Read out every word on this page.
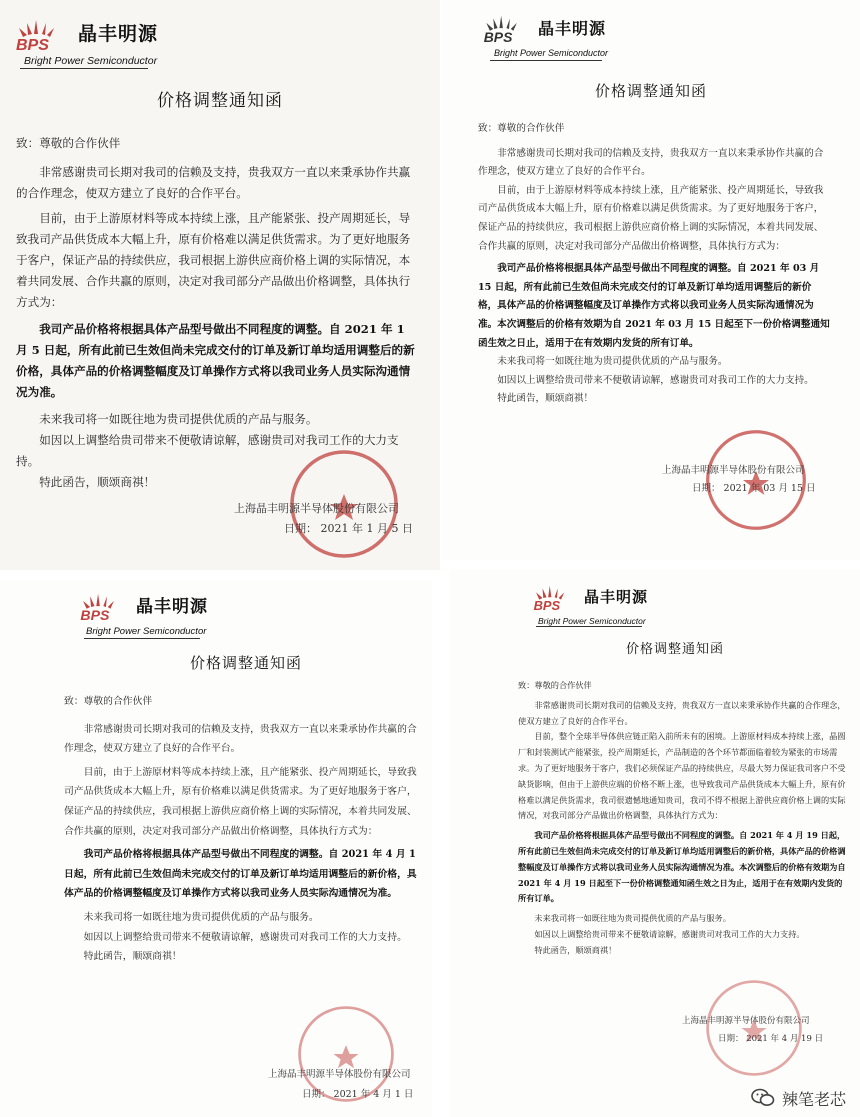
BPS
晶丰明源
Bright Power Semiconductor
价格调整通知函

致：尊敬的合作伙伴

非常感谢贵司长期对我司的信赖及支持，贵我双方一直以来秉承协作共赢的合作理念，使双方建立了良好的合作平台。

目前，由于上游原材料等成本持续上涨，且产能紧张、投产周期延长，导致我司产品供货成本大幅上升，原有价格难以满足供货需求。为了更好地服务于客户，保证产品的持续供应，我司根据上游供应商价格上调的实际情况，本着共同发展、合作共赢的原则，决定对我司部分产品做出价格调整，具体执行方式为：

我司产品价格将根据具体产品型号做出不同程度的调整。自 2021 年 1 月 5 日起，所有此前已生效但尚未完成交付的订单及新订单均适用调整后的新价格，具体产品的价格调整幅度及订单操作方式将以我司业务人员实际沟通情况为准。

未来我司将一如既往地为贵司提供优质的产品与服务。

如因以上调整给贵司带来不便敬请谅解，感谢贵司对我司工作的大力支持。

特此函告，顺颂商祺！

上海晶丰明源半导体股份有限公司
日期： 2021 年 1 月 5 日
BPS 晶丰明源
Bright Power Semiconductor
价格调整通知函

致：尊敬的合作伙伴

非常感谢贵司长期对我司的信赖及支持，贵我双方一直以来秉承协作共赢的合作理念，使双方建立了良好的合作平台。

目前，由于上游原材料等成本持续上涨，且产能紧张、投产周期延长，导致我司产品供货成本大幅上升，原有价格难以满足供货需求。为了更好地服务于客户，保证产品的持续供应，我司根据上游供应商价格上调的实际情况，本着共同发展、合作共赢的原则，决定对我司部分产品做出价格调整，具体执行方式为：

我司产品价格将根据具体产品型号做出不同程度的调整。自 2021 年 03 月 15 日起，所有此前已生效但尚未完成交付的订单及新订单均适用调整后的新价格，具体产品的价格调整幅度及订单操作方式将以我司业务人员实际沟通情况为准。本次调整后的价格有效期为自 2021 年 03 月 15 日起至下一份价格调整通知函生效之日止，适用于在有效期内发货的所有订单。

未来我司将一如既往地为贵司提供优质的产品与服务。

如因以上调整给贵司带来不便敬请谅解，感谢贵司对我司工作的大力支持。

特此函告，顺颂商祺！

上海晶丰明源半导体股份有限公司
日期： 2021 年 03 月 15 日
BPS 晶丰明源
Bright Power Semiconductor
价格调整通知函

致：尊敬的合作伙伴

非常感谢贵司长期对我司的信赖及支持，贵我双方一直以来秉承协作共赢的合作理念，使双方建立了良好的合作平台。

目前，由于上游原材料等成本持续上涨，且产能紧张、投产周期延长，导致我司产品供货成本大幅上升，原有价格难以满足供货需求。为了更好地服务于客户，保证产品的持续供应，我司根据上游供应商价格上调的实际情况，本着共同发展、合作共赢的原则，决定对我司部分产品做出价格调整，具体执行方式为：

我司产品价格将根据具体产品型号做出不同程度的调整。自 2021 年 4 月 1 日起，所有此前已生效但尚未完成交付的订单及新订单均适用调整后的新价格，具体产品的价格调整幅度及订单操作方式将以我司业务人员实际沟通情况为准。

未来我司将一如既往地为贵司提供优质的产品与服务。

如因以上调整给贵司带来不便敬请谅解，感谢贵司对我司工作的大力支持。

特此函告，顺颂商祺！

上海晶丰明源半导体股份有限公司
日期： 2021 年 4 月 1 日
BPS 晶丰明源
Bright Power Semiconductor
价格调整通知函

致：尊敬的合作伙伴

非常感谢贵司长期对我司的信赖及支持，贵我双方一直以来秉承协作共赢的合作理念，使双方建立了良好的合作平台。

目前，整个全球半导体供应链正陷入前所未有的困境。上游原材料成本持续上涨，晶圆厂和封装测试产能紧张，投产周期延长，产品制造的各个环节都面临着较为紧张的市场需求。为了更好地服务于客户，我们必须保证产品的持续供应，尽最大努力保证我司客户不受缺货影响，但由于上游供应端的价格不断上涨，也导致我司产品供货成本大幅上升，原有价格难以满足供货需求，我司很遗憾地通知贵司，我司不得不根据上游供应商价格上调的实际情况，对我司部分产品做出价格调整，具体执行方式为：

我司产品价格将根据具体产品型号做出不同程度的调整。自 2021 年 4 月 19 日起，所有此前已生效但尚未完成交付的订单及新订单均适用调整后的新价格，具体产品的价格调整幅度及订单操作方式将以我司业务人员实际沟通情况为准。本次调整后的价格有效期为自 2021 年 4 月 19 日起至下一份价格调整通知函生效之日为止，适用于在有效期内发货的所有订单。

未来我司将一如既往地为贵司提供优质的产品与服务。

如因以上调整给贵司带来不便敬请谅解，感谢贵司对我司工作的大力支持。

特此函告，顺颂商祺！

上海晶丰明源半导体股份有限公司
日期： 2021 年 4 月 19 日
辣笔老芯
